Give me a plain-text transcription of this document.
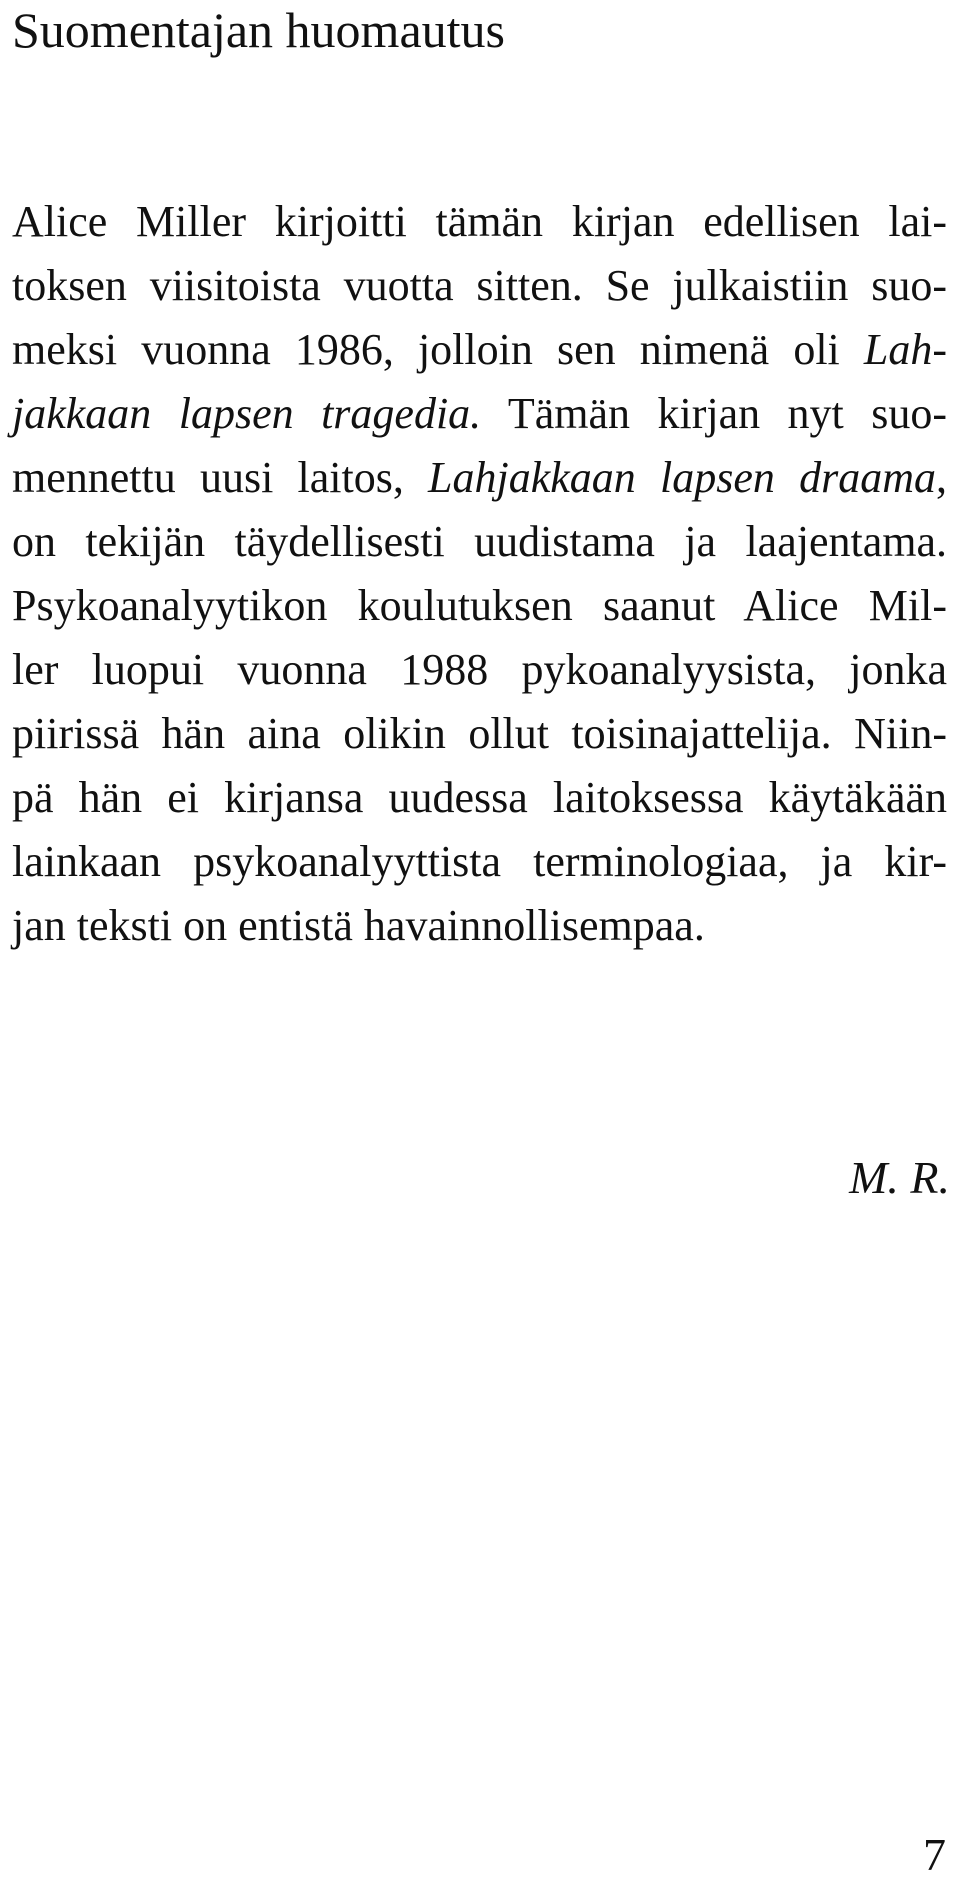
Suomentajan huomautus
Alice Miller kirjoitti tämän kirjan edellisen lai-
toksen viisitoista vuotta sitten. Se julkaistiin suo-
meksi vuonna 1986, jolloin sen nimenä oli Lah-
jakkaan lapsen tragedia. Tämän kirjan nyt suo-
mennettu uusi laitos, Lahjakkaan lapsen draama,
on tekijän täydellisesti uudistama ja laajentama.
Psykoanalyytikon koulutuksen saanut Alice Mil-
ler luopui vuonna 1988 pykoanalyysista, jonka
piirissä hän aina olikin ollut toisinajattelija. Niin-
pä hän ei kirjansa uudessa laitoksessa käytäkään
lainkaan psykoanalyyttista terminologiaa, ja kir-
jan teksti on entistä havainnollisempaa.

M. R.

7
